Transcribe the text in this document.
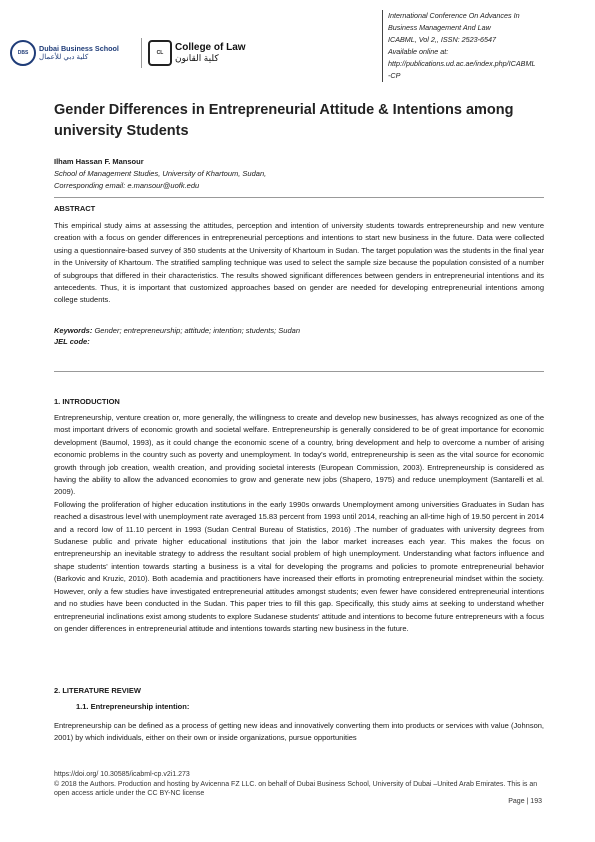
DBS Dubai Business School
كلية دبي للأعمال	CL College of Law
كلية القانون
International Conference On Advances In
Business Management And Law
ICABML, Vol 2,, ISSN: 2523-6547
Available online at:
http://publications.ud.ac.ae/index.php/ICABML
-CP
Gender Differences in Entrepreneurial Attitude & Intentions among university Students
Ilham Hassan F. Mansour
School of Management Studies, University of Khartoum, Sudan,
Corresponding email: e.mansour@uofk.edu
ABSTRACT

This empirical study aims at assessing the attitudes, perception and intention of university students towards entrepreneurship and new venture creation with a focus on gender differences in entrepreneurial perceptions and intentions to start new business in the future. Data were collected using a questionnaire-based survey of 350 students at the University of Khartoum in Sudan. The target population was the students in the final year in the University of Khartoum. The stratified sampling technique was used to select the sample size because the population consisted of a number of subgroups that differed in their characteristics. The results showed significant differences between genders in entrepreneurial intentions and its antecedents. Thus, it is important that customized approaches based on gender are needed for developing entrepreneurial intentions among college students.

Keywords: Gender; entrepreneurship; attitude; intention; students; Sudan
JEL code:
1. INTRODUCTION

Entrepreneurship, venture creation or, more generally, the willingness to create and develop new businesses, has always recognized as one of the most important drivers of economic growth and societal welfare. Entrepreneurship is generally considered to be of great importance for economic development (Baumol, 1993), as it could change the economic scene of a country, bring development and help to overcome a number of arising economic problems in the country such as poverty and unemployment. In today's world, entrepreneurship is seen as the vital source for economic growth through job creation, wealth creation, and providing societal interests (European Commission, 2003). Entrepreneurship is considered as having the ability to allow the advanced economies to grow and generate new jobs (Shapero, 1975) and reduce unemployment (Santarelli et al. 2009).

Following the proliferation of higher education institutions in the early 1990s onwards Unemployment among universities Graduates in Sudan has reached a disastrous level with unemployment rate averaged 15.83 percent from 1993 until 2014, reaching an all-time high of 19.50 percent in 2014 and a record low of 11.10 percent in 1993 (Sudan Central Bureau of Statistics, 2016) .The number of graduates with university degrees from Sudanese public and private higher educational institutions that join the labor market increases each year. This makes the focus on entrepreneurship an inevitable strategy to address the resultant social problem of high unemployment. Understanding what factors influence and shape students' intention towards starting a business is a vital for developing the programs and policies to promote entrepreneurial behavior (Barkovic and Kruzic, 2010). Both academia and practitioners have increased their efforts in promoting entrepreneurial mindset within the society. However, only a few studies have investigated entrepreneurial attitudes amongst students; even fewer have considered entrepreneurial intentions and no studies have been conducted in the Sudan. This paper tries to fill this gap. Specifically, this study aims at seeking to understand whether entrepreneurial inclinations exist among students to explore Sudanese students' attitude and intentions to become future entrepreneurs with a focus on gender differences in entrepreneurial attitude and intentions towards starting new business in the future.

2. LITERATURE REVIEW
1.1. Entrepreneurship intention:

Entrepreneurship can be defined as a process of getting new ideas and innovatively converting them into products or services with value (Johnson, 2001) by which individuals, either on their own or inside organizations, pursue opportunities

https://doi.org/ 10.30585/icabml-cp.v2i1.273
© 2018 the Authors. Production and hosting by Avicenna FZ LLC. on behalf of Dubai Business School, University of Dubai –United Arab Emirates. This is an open access article under the CC BY-NC license
Page | 193
